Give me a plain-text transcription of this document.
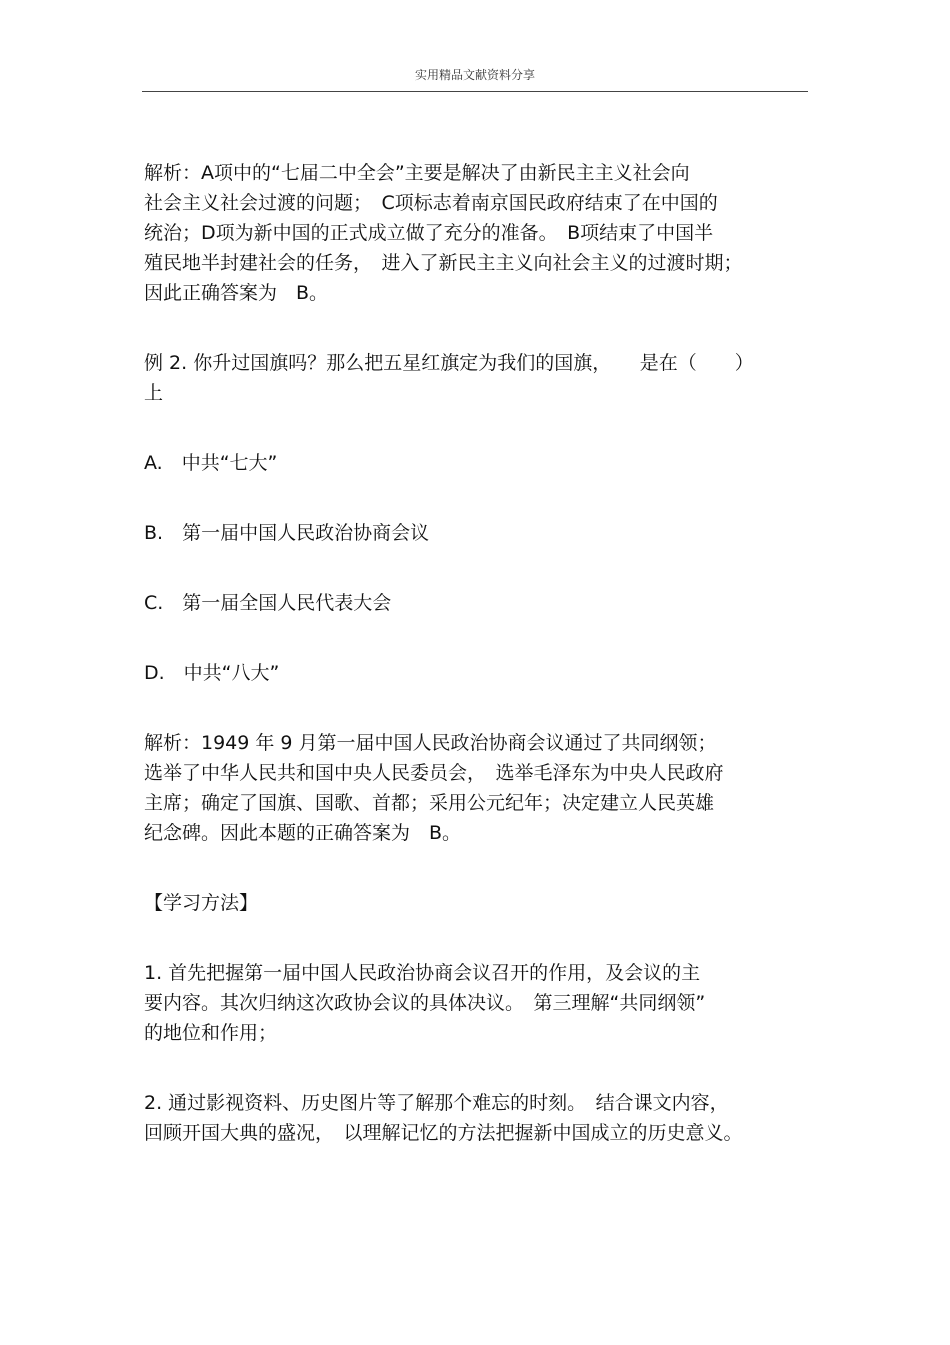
实用精品文献资料分享

解析：A项中的“七届二中全会”主要是解决了由新民主主义社会向
社会主义社会过渡的问题；　C项标志着南京国民政府结束了在中国的
统治；D项为新中国的正式成立做了充分的准备。　B项结束了中国半
殖民地半封建社会的任务，　进入了新民主主义向社会主义的过渡时期；
因此正确答案为　B。

例 2. 你升过国旗吗？那么把五星红旗定为我们的国旗，　　是在（　　）
上

A.　中共“七大”

B.　第一届中国人民政治协商会议

C.　第一届全国人民代表大会

D.　中共“八大”

解析：1949 年 9 月第一届中国人民政治协商会议通过了共同纲领；
选举了中华人民共和国中央人民委员会，　选举毛泽东为中央人民政府
主席；确定了国旗、国歌、首都；采用公元纪年；决定建立人民英雄
纪念碑。因此本题的正确答案为　B。

【学习方法】

1. 首先把握第一届中国人民政治协商会议召开的作用，及会议的主
要内容。其次归纳这次政协会议的具体决议。　第三理解“共同纲领”
的地位和作用；

2. 通过影视资料、历史图片等了解那个难忘的时刻。　结合课文内容，
回顾开国大典的盛况，　以理解记忆的方法把握新中国成立的历史意义。
